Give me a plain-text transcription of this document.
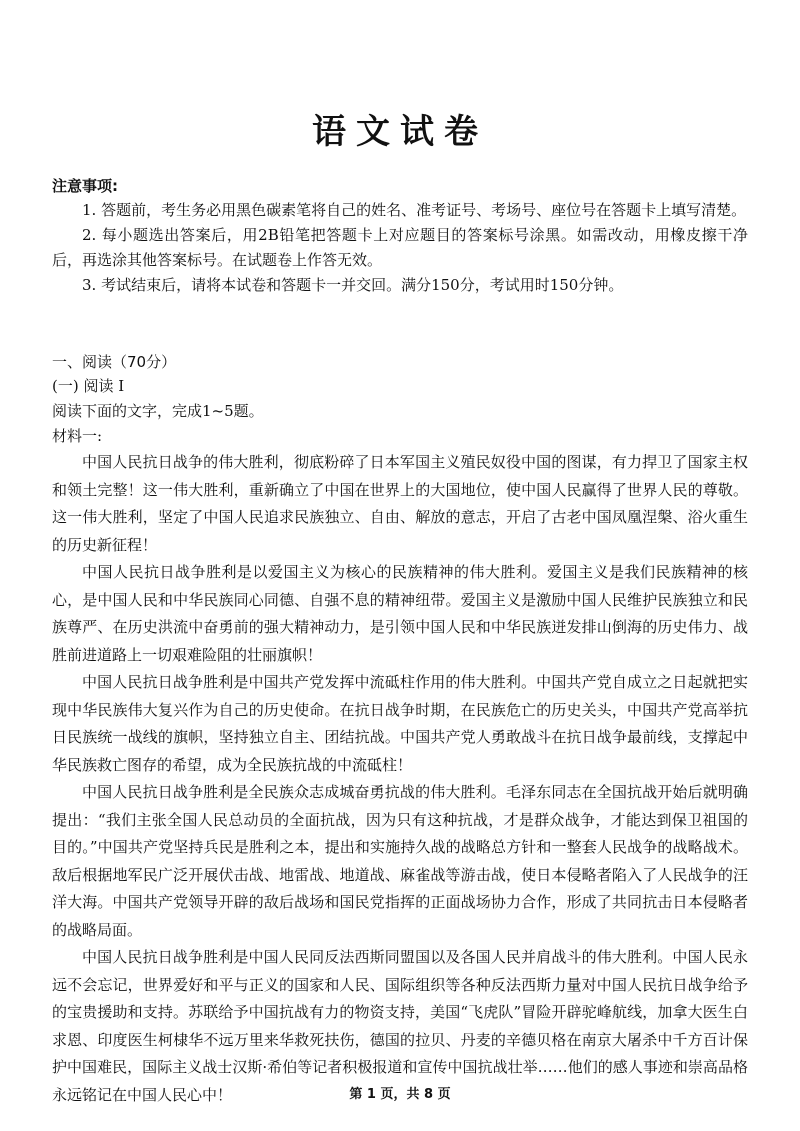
语文试卷
注意事项:

1. 答题前，考生务必用黑色碳素笔将自己的姓名、准考证号、考场号、座位号在答题卡上填写清楚。

2. 每小题选出答案后，用2B铅笔把答题卡上对应题目的答案标号涂黑。如需改动，用橡皮擦干净后，再选涂其他答案标号。在试题卷上作答无效。

3. 考试结束后，请将本试卷和答题卡一并交回。满分150分，考试用时150分钟。

一、阅读（70分）
(一) 阅读 I
阅读下面的文字，完成1~5题。
材料一:

中国人民抗日战争的伟大胜利，彻底粉碎了日本军国主义殖民奴役中国的图谋，有力捍卫了国家主权和领土完整！这一伟大胜利，重新确立了中国在世界上的大国地位，使中国人民赢得了世界人民的尊敬。这一伟大胜利，坚定了中国人民追求民族独立、自由、解放的意志，开启了古老中国凤凰涅槃、浴火重生的历史新征程！

中国人民抗日战争胜利是以爱国主义为核心的民族精神的伟大胜利。爱国主义是我们民族精神的核心，是中国人民和中华民族同心同德、自强不息的精神纽带。爱国主义是激励中国人民维护民族独立和民族尊严、在历史洪流中奋勇前的强大精神动力，是引领中国人民和中华民族迸发排山倒海的历史伟力、战胜前进道路上一切艰难险阻的壮丽旗帜！

中国人民抗日战争胜利是中国共产党发挥中流砥柱作用的伟大胜利。中国共产党自成立之日起就把实现中华民族伟大复兴作为自己的历史使命。在抗日战争时期，在民族危亡的历史关头，中国共产党高举抗日民族统一战线的旗帜，坚持独立自主、团结抗战。中国共产党人勇敢战斗在抗日战争最前线，支撑起中华民族救亡图存的希望，成为全民族抗战的中流砥柱！

中国人民抗日战争胜利是全民族众志成城奋勇抗战的伟大胜利。毛泽东同志在全国抗战开始后就明确提出：“我们主张全国人民总动员的全面抗战，因为只有这种抗战，才是群众战争，才能达到保卫祖国的目的。”中国共产党坚持兵民是胜利之本，提出和实施持久战的战略总方针和一整套人民战争的战略战术。敌后根据地军民广泛开展伏击战、地雷战、地道战、麻雀战等游击战，使日本侵略者陷入了人民战争的汪洋大海。中国共产党领导开辟的敌后战场和国民党指挥的正面战场协力合作，形成了共同抗击日本侵略者的战略局面。

中国人民抗日战争胜利是中国人民同反法西斯同盟国以及各国人民并肩战斗的伟大胜利。中国人民永远不会忘记，世界爱好和平与正义的国家和人民、国际组织等各种反法西斯力量对中国人民抗日战争给予的宝贵援助和支持。苏联给予中国抗战有力的物资支持，美国“飞虎队”冒险开辟驼峰航线，加拿大医生白求恩、印度医生柯棣华不远万里来华救死扶伤，德国的拉贝、丹麦的辛德贝格在南京大屠杀中千方百计保护中国难民，国际主义战士汉斯·希伯等记者积极报道和宣传中国抗战壮举……他们的感人事迹和崇高品格永远铭记在中国人民心中！	第 1 页，共 8 页
